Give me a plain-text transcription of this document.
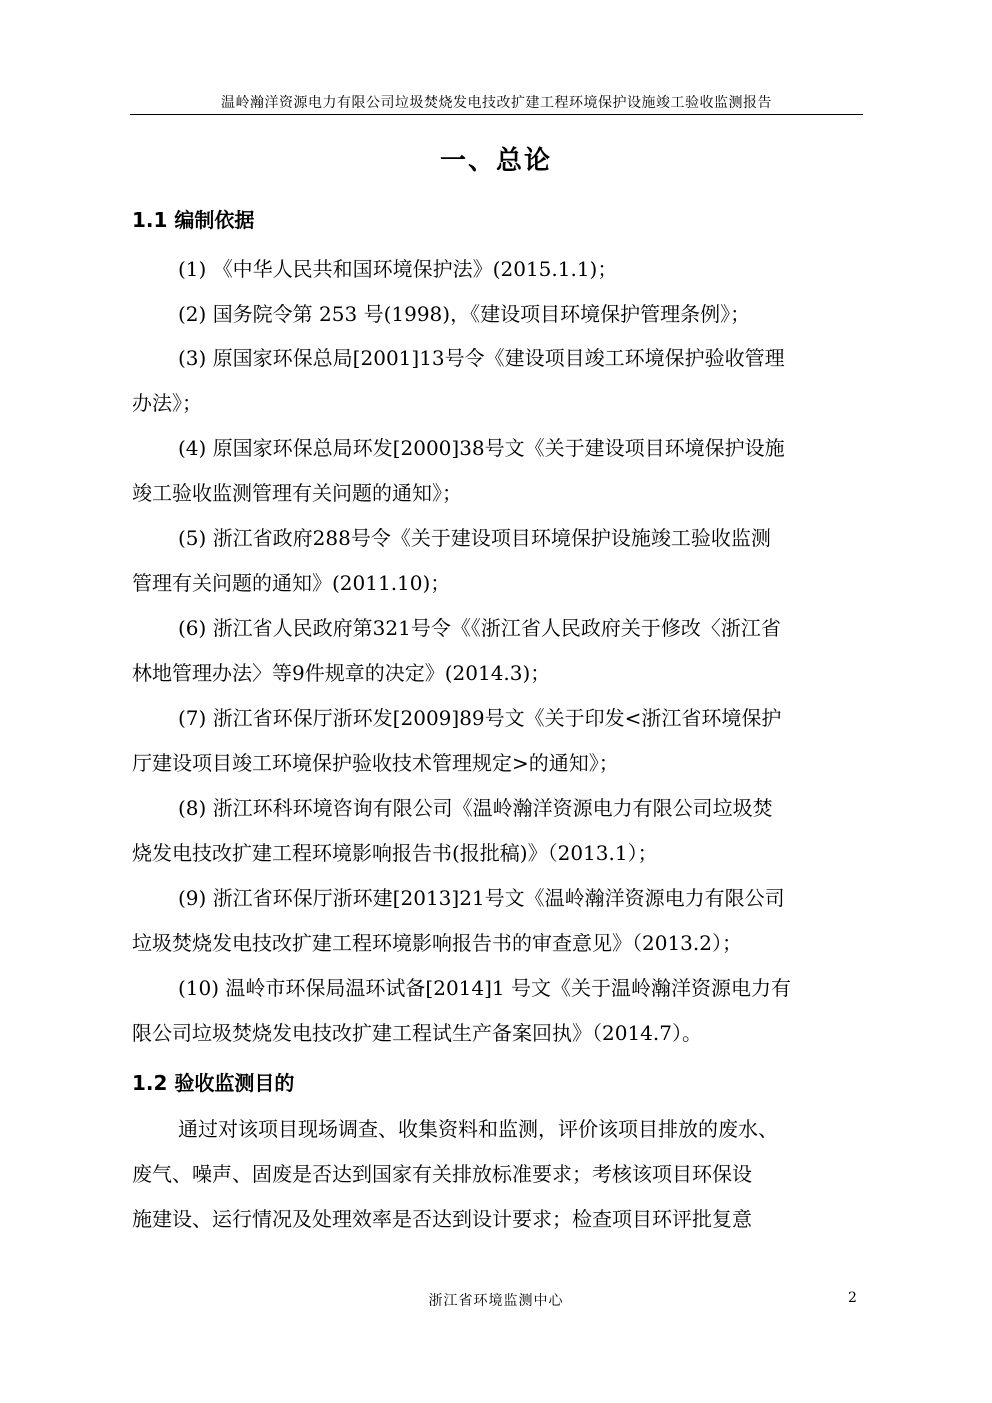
温岭瀚洋资源电力有限公司垃圾焚烧发电技改扩建工程环境保护设施竣工验收监测报告
一、总论
1.1 编制依据
(1) 《中华人民共和国环境保护法》(2015.1.1)；
(2) 国务院令第 253 号(1998)，《建设项目环境保护管理条例》；
(3) 原国家环保总局[2001]13号令《建设项目竣工环境保护验收管理
办法》；
(4) 原国家环保总局环发[2000]38号文《关于建设项目环境保护设施
竣工验收监测管理有关问题的通知》；
(5) 浙江省政府288号令《关于建设项目环境保护设施竣工验收监测
管理有关问题的通知》(2011.10)；
(6) 浙江省人民政府第321号令《《浙江省人民政府关于修改〈浙江省
林地管理办法〉等9件规章的决定》(2014.3)；
(7) 浙江省环保厅浙环发[2009]89号文《关于印发<浙江省环境保护
厅建设项目竣工环境保护验收技术管理规定>的通知》；
(8) 浙江环科环境咨询有限公司《温岭瀚洋资源电力有限公司垃圾焚
烧发电技改扩建工程环境影响报告书(报批稿)》（2013.1）；
(9) 浙江省环保厅浙环建[2013]21号文《温岭瀚洋资源电力有限公司
垃圾焚烧发电技改扩建工程环境影响报告书的审查意见》（2013.2）；
(10) 温岭市环保局温环试备[2014]1 号文《关于温岭瀚洋资源电力有
限公司垃圾焚烧发电技改扩建工程试生产备案回执》（2014.7）。
1.2 验收监测目的
通过对该项目现场调查、收集资料和监测，评价该项目排放的废水、
废气、噪声、固废是否达到国家有关排放标准要求；考核该项目环保设
施建设、运行情况及处理效率是否达到设计要求；检查项目环评批复意
浙江省环境监测中心	2
